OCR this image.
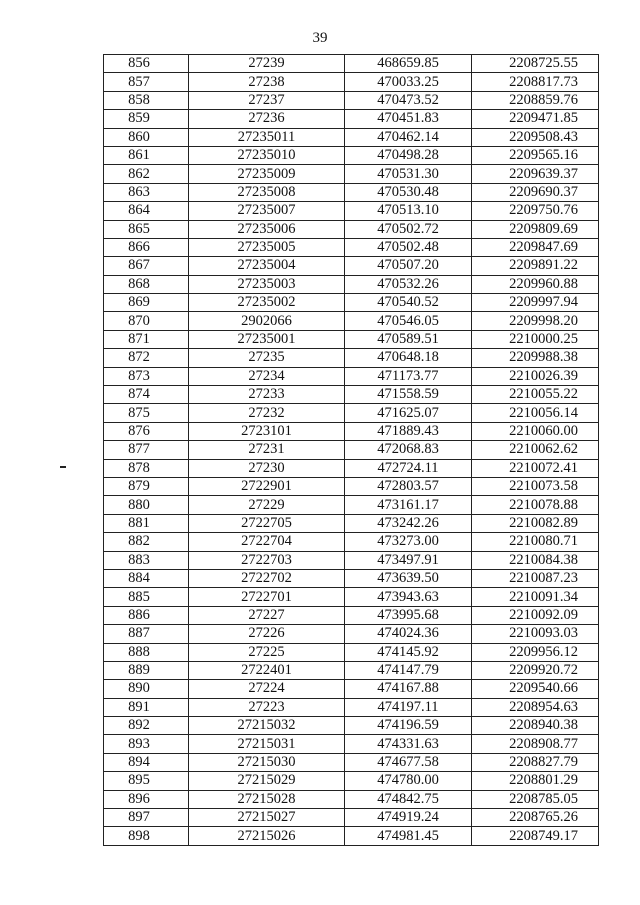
39
856	27239	468659.85	2208725.55
857	27238	470033.25	2208817.73
858	27237	470473.52	2208859.76
859	27236	470451.83	2209471.85
860	27235011	470462.14	2209508.43
861	27235010	470498.28	2209565.16
862	27235009	470531.30	2209639.37
863	27235008	470530.48	2209690.37
864	27235007	470513.10	2209750.76
865	27235006	470502.72	2209809.69
866	27235005	470502.48	2209847.69
867	27235004	470507.20	2209891.22
868	27235003	470532.26	2209960.88
869	27235002	470540.52	2209997.94
870	2902066	470546.05	2209998.20
871	27235001	470589.51	2210000.25
872	27235	470648.18	2209988.38
873	27234	471173.77	2210026.39
874	27233	471558.59	2210055.22
875	27232	471625.07	2210056.14
876	2723101	471889.43	2210060.00
877	27231	472068.83	2210062.62
878	27230	472724.11	2210072.41
879	2722901	472803.57	2210073.58
880	27229	473161.17	2210078.88
881	2722705	473242.26	2210082.89
882	2722704	473273.00	2210080.71
883	2722703	473497.91	2210084.38
884	2722702	473639.50	2210087.23
885	2722701	473943.63	2210091.34
886	27227	473995.68	2210092.09
887	27226	474024.36	2210093.03
888	27225	474145.92	2209956.12
889	2722401	474147.79	2209920.72
890	27224	474167.88	2209540.66
891	27223	474197.11	2208954.63
892	27215032	474196.59	2208940.38
893	27215031	474331.63	2208908.77
894	27215030	474677.58	2208827.79
895	27215029	474780.00	2208801.29
896	27215028	474842.75	2208785.05
897	27215027	474919.24	2208765.26
898	27215026	474981.45	2208749.17
